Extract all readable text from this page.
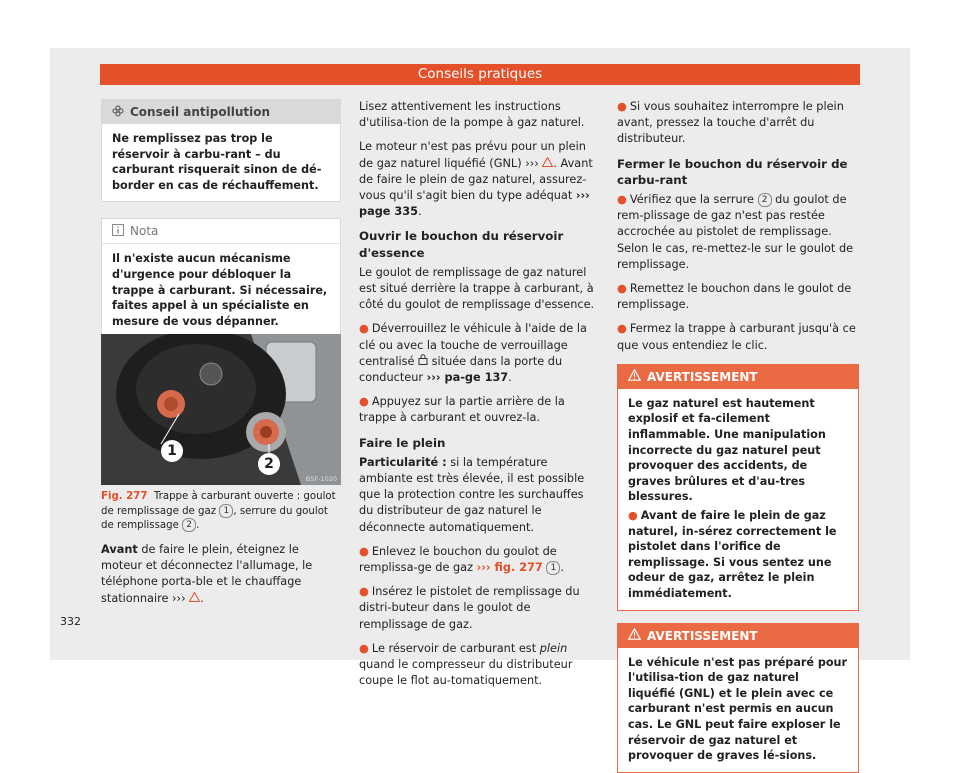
Conseils pratiques
Conseil antipollution
Ne remplissez pas trop le réservoir à carbu-rant – du carburant risquerait sinon de dé-border en cas de réchauffement.
Nota
Il n'existe aucun mécanisme d'urgence pour débloquer la trappe à carburant. Si nécessaire, faites appel à un spécialiste en mesure de vous dépanner.
1
2
B5F-1020
Fig. 277 Trappe à carburant ouverte : goulot de remplissage de gaz 1 , serrure du goulot de remplissage 2 .
Avant de faire le plein, éteignez le moteur et déconnectez l'allumage, le téléphone porta-ble et le chauffage stationnaire ››› .

Lisez attentivement les instructions d'utilisa-tion de la pompe à gaz naturel.

Le moteur n'est pas prévu pour un plein de gaz naturel liquéfié (GNL) ››› . Avant de faire le plein de gaz naturel, assurez-vous qu'il s'agit bien du type adéquat ››› page 335.

Ouvrir le bouchon du réservoir d'essence

Le goulot de remplissage de gaz naturel est situé derrière la trappe à carburant, à côté du goulot de remplissage d'essence.

● Déverrouillez le véhicule à l'aide de la clé ou avec la touche de verrouillage centralisé  située dans la porte du conducteur ››› pa-ge 137.

● Appuyez sur la partie arrière de la trappe à carburant et ouvrez-la.

Faire le plein

Particularité : si la température ambiante est très élevée, il est possible que la protection contre les surchauffes du distributeur de gaz naturel le déconnecte automatiquement.

● Enlevez le bouchon du goulot de remplissa-ge de gaz ››› fig. 277 1 .

● Insérez le pistolet de remplissage du distri-buteur dans le goulot de remplissage de gaz.

● Le réservoir de carburant est plein quand le compresseur du distributeur coupe le flot au-tomatiquement.

● Si vous souhaitez interrompre le plein avant, pressez la touche d'arrêt du distributeur.

Fermer le bouchon du réservoir de carbu-rant

● Vérifiez que la serrure 2 du goulot de rem-plissage de gaz n'est pas restée accrochée au pistolet de remplissage. Selon le cas, re-mettez-le sur le goulot de remplissage.

● Remettez le bouchon dans le goulot de remplissage.

● Fermez la trappe à carburant jusqu'à ce que vous entendiez le clic.

AVERTISSEMENT
Le gaz naturel est hautement explosif et fa-cilement inflammable. Une manipulation incorrecte du gaz naturel peut provoquer des accidents, de graves brûlures et d'au-tres blessures.
● Avant de faire le plein de gaz naturel, in-sérez correctement le pistolet dans l'orifice de remplissage. Si vous sentez une odeur de gaz, arrêtez le plein immédiatement.
AVERTISSEMENT
Le véhicule n'est pas préparé pour l'utilisa-tion de gaz naturel liquéfié (GNL) et le plein avec ce carburant n'est permis en aucun cas. Le GNL peut faire exploser le réservoir de gaz naturel et provoquer de graves lé-sions.
332
